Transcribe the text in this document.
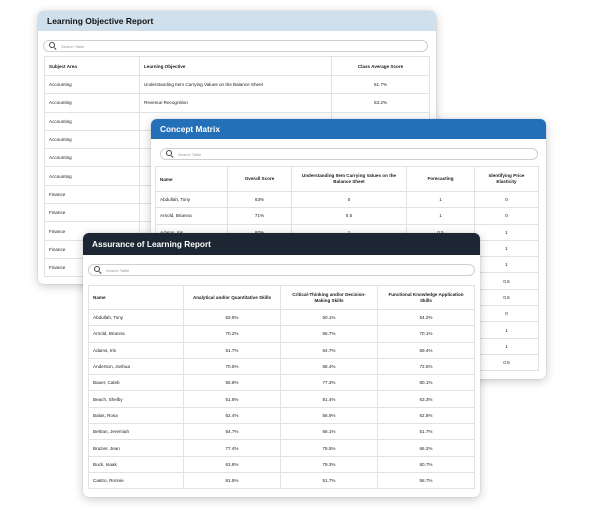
Learning Objective Report
Search Table
Subject Area	Learning Objective	Class Average Score
Accounting	Understanding Item Carrying Values on the Balance Sheet	61.7%
Accounting	Revenue Recognition	53.2%
Accounting		
Accounting		
Accounting		
Accounting		
Finance		
Finance		
Finance		
Finance		
Finance		
Concept Matrix
Search Table
Name	Overall Score	Understanding Item Carrying Values on the Balance Sheet	Forecasting	Identifying Price Elasticity
Abdullah, Tony	63%	0	1	0
Arnold, Brianna	71%	0.5	1	0
				1
				1
				1
				0.5
				0.5
				0
				1
				1
				0.5
Assurance of Learning Report
Search Table
Name	Analytical and/or Quantitative Skills	Critical-Thinking and/or Decision-Making Skills	Functional Knowledge Application Skills
Abdullah, Tony	63.5%	50.1%	54.2%
Arnold, Brianna	70.2%	55.7%	70.1%
Adams, Iris	51.7%	64.7%	69.4%
Anderson, Joshua	70.5%	68.4%	72.5%
Bauer, Caleb	55.8%	77.3%	80.1%
Beach, Shelby	51.8%	81.4%	63.3%
Balas, Rosa	62.4%	56.9%	62.8%
Beltran, Jeremiah	54.7%	66.1%	51.7%
Brazier, Jean	77.4%	75.5%	66.2%
Buck, Isaak	63.8%	79.3%	60.7%
Castro, Ronnie	81.5%	51.7%	58.7%
